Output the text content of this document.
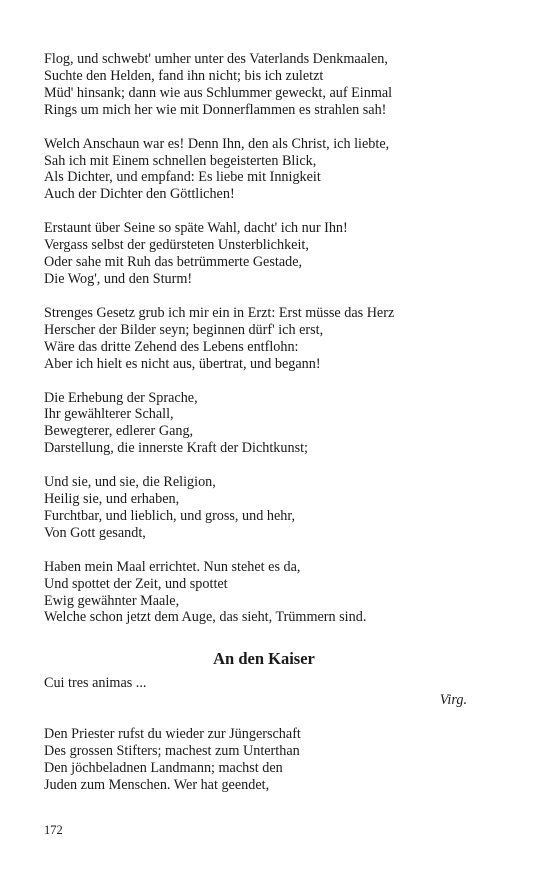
Flog, und schwebt' umher unter des Vaterlands Denkmaalen,
Suchte den Helden, fand ihn nicht; bis ich zuletzt
Müd' hinsank; dann wie aus Schlummer geweckt, auf Einmal
Rings um mich her wie mit Donnerflammen es strahlen sah!
Welch Anschaun war es! Denn Ihn, den als Christ, ich liebte,
Sah ich mit Einem schnellen begeisterten Blick,
Als Dichter, und empfand: Es liebe mit Innigkeit
Auch der Dichter den Göttlichen!
Erstaunt über Seine so späte Wahl, dacht' ich nur Ihn!
Vergass selbst der gedürsteten Unsterblichkeit,
Oder sahe mit Ruh das betrümmerte Gestade,
Die Wog', und den Sturm!
Strenges Gesetz grub ich mir ein in Erzt: Erst müsse das Herz
Herscher der Bilder seyn; beginnen dürf' ich erst,
Wäre das dritte Zehend des Lebens entflohn:
Aber ich hielt es nicht aus, übertrat, und begann!
Die Erhebung der Sprache,
Ihr gewählterer Schall,
Bewegterer, edlerer Gang,
Darstellung, die innerste Kraft der Dichtkunst;
Und sie, und sie, die Religion,
Heilig sie, und erhaben,
Furchtbar, und lieblich, und gross, und hehr,
Von Gott gesandt,
Haben mein Maal errichtet. Nun stehet es da,
Und spottet der Zeit, und spottet
Ewig gewähnter Maale,
Welche schon jetzt dem Auge, das sieht, Trümmern sind.
An den Kaiser
Cui tres animas ...
Virg.
Den Priester rufst du wieder zur Jüngerschaft
Des grossen Stifters; machest zum Unterthan
Den jöchbeladnen Landmann; machst den
Juden zum Menschen. Wer hat geendet,
172
